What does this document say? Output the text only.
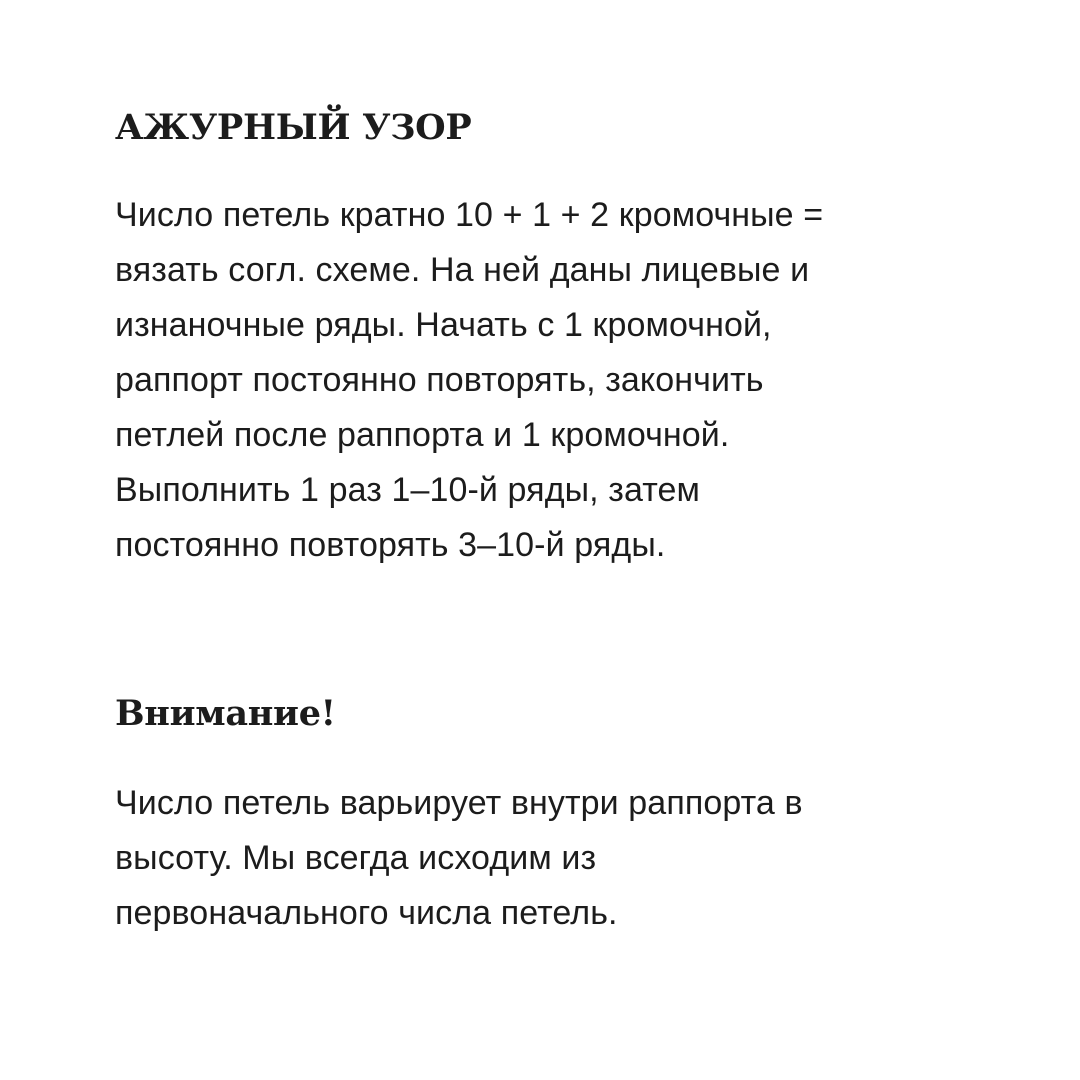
АЖУРНЫЙ УЗОР

Число петель кратно 10 + 1 + 2 кромочные =
вязать согл. схеме. На ней даны лицевые и
изнаночные ряды. Начать с 1 кромочной,
раппорт постоянно повторять, закончить
петлей после раппорта и 1 кромочной.
Выполнить 1 раз 1–10-й ряды, затем
постоянно повторять 3–10-й ряды.

Внимание!

Число петель варьирует внутри раппорта в
высоту. Мы всегда исходим из
первоначального числа петель.
